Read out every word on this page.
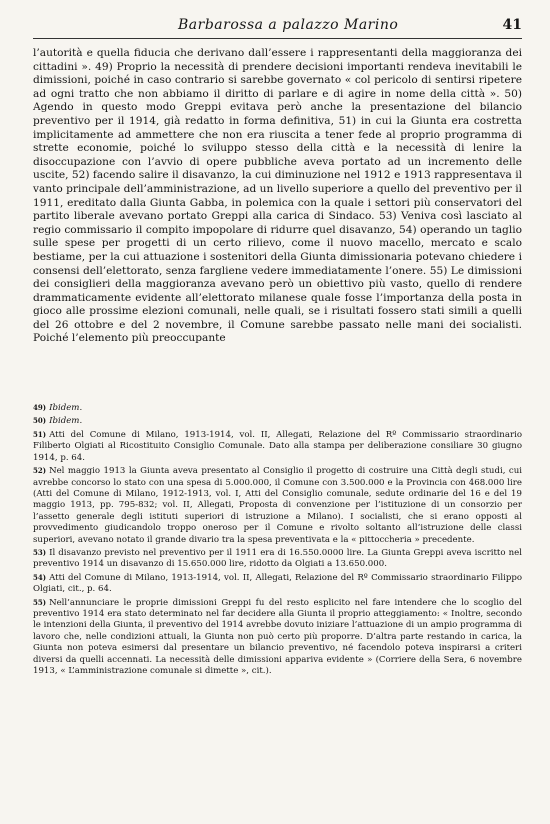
Barbarossa a palazzo Marino	41

l’autorità e quella fiducia che derivano dall’essere i rappresentanti della maggioranza dei cittadini ». 49) Proprio la necessità di prendere decisioni importanti rendeva inevitabili le dimissioni, poiché in caso contrario si sarebbe governato « col pericolo di sentirsi ripetere ad ogni tratto che non abbiamo il diritto di parlare e di agire in nome della città ». 50) Agendo in questo modo Greppi evitava però anche la presentazione del bilancio preventivo per il 1914, già redatto in forma definitiva, 51) in cui la Giunta era costretta implicitamente ad ammettere che non era riuscita a tener fede al proprio programma di strette economie, poiché lo sviluppo stesso della città e la necessità di lenire la disoccupazione con l’avvio di opere pubbliche aveva portato ad un incremento delle uscite, 52) facendo salire il disavanzo, la cui diminuzione nel 1912 e 1913 rappresentava il vanto principale dell’amministrazione, ad un livello superiore a quello del preventivo per il 1911, ereditato dalla Giunta Gabba, in polemica con la quale i settori più conservatori del partito liberale avevano portato Greppi alla carica di Sindaco. 53) Veniva così lasciato al regio commissario il compito impopolare di ridurre quel disavanzo, 54) operando un taglio sulle spese per progetti di un certo rilievo, come il nuovo macello, mercato e scalo bestiame, per la cui attuazione i sostenitori della Giunta dimissionaria potevano chiedere i consensi dell’elettorato, senza fargliene vedere immediatamente l’onere. 55) Le dimissioni dei consiglieri della maggioranza avevano però un obiettivo più vasto, quello di rendere drammaticamente evidente all’elettorato milanese quale fosse l’importanza della posta in gioco alle prossime elezioni comunali, nelle quali, se i risultati fossero stati simili a quelli del 26 ottobre e del 2 novembre, il Comune sarebbe passato nelle mani dei socialisti. Poiché l’elemento più preoccupante

49) Ibidem.

50) Ibidem.

51) Atti del Comune di Milano, 1913-1914, vol. II, Allegati, Relazione del Rº Commissario straordinario Filiberto Olgiati al Ricostituito Consiglio Comunale. Dato alla stampa per deliberazione consiliare 30 giugno 1914, p. 64.

52) Nel maggio 1913 la Giunta aveva presentato al Consiglio il progetto di costruire una Città degli studi, cui avrebbe concorso lo stato con una spesa di 5.000.000, il Comune con 3.500.000 e la Provincia con 468.000 lire (Atti del Comune di Milano, 1912-1913, vol. I, Atti del Consiglio comunale, sedute ordinarie del 16 e del 19 maggio 1913, pp. 795-832; vol. II, Allegati, Proposta di convenzione per l’istituzione di un consorzio per l’assetto generale degli istituti superiori di istruzione a Milano). I socialisti, che si erano opposti al provvedimento giudicandolo troppo oneroso per il Comune e rivolto soltanto all’istruzione delle classi superiori, avevano notato il grande divario tra la spesa preventivata e la « pittoccheria » precedente.

53) Il disavanzo previsto nel preventivo per il 1911 era di 16.550.0000 lire. La Giunta Greppi aveva iscritto nel preventivo 1914 un disavanzo di 15.650.000 lire, ridotto da Olgiati a 13.650.000.

54) Atti del Comune di Milano, 1913-1914, vol. II, Allegati, Relazione del Rº Commissario straordinario Filippo Olgiati, cit., p. 64.

55) Nell’annunciare le proprie dimissioni Greppi fu del resto esplicito nel fare intendere che lo scoglio del preventivo 1914 era stato determinato nel far decidere alla Giunta il proprio atteggiamento: « Inoltre, secondo le intenzioni della Giunta, il preventivo del 1914 avrebbe dovuto iniziare l’attuazione di un ampio programma di lavoro che, nelle condizioni attuali, la Giunta non può certo più proporre. D’altra parte restando in carica, la Giunta non poteva esimersi dal presentare un bilancio preventivo, né facendolo poteva inspirarsi a criteri diversi da quelli accennati. La necessità delle dimissioni appariva evidente » (Corriere della Sera, 6 novembre 1913, « L’amministrazione comunale si dimette », cit.).
